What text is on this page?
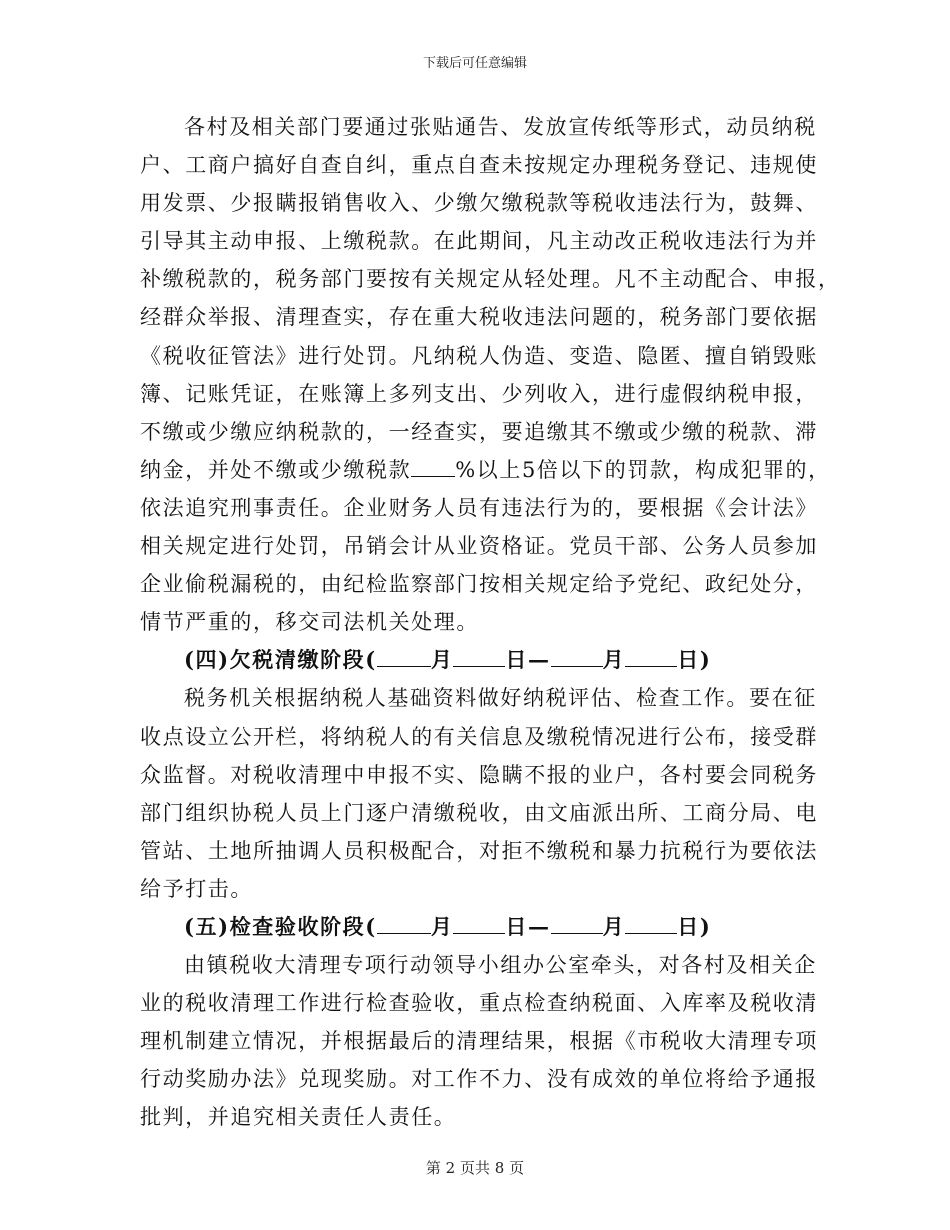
下载后可任意编辑
各村及相关部门要通过张贴通告、发放宣传纸等形式，动员纳税
户、工商户搞好自查自纠，重点自查未按规定办理税务登记、违规使
用发票、少报瞒报销售收入、少缴欠缴税款等税收违法行为，鼓舞、
引导其主动申报、上缴税款。在此期间，凡主动改正税收违法行为并
补缴税款的，税务部门要按有关规定从轻处理。凡不主动配合、申报，
经群众举报、清理查实，存在重大税收违法问题的，税务部门要依据
《税收征管法》进行处罚。凡纳税人伪造、变造、隐匿、擅自销毁账
簿、记账凭证，在账簿上多列支出、少列收入，进行虚假纳税申报，
不缴或少缴应纳税款的，一经查实，要追缴其不缴或少缴的税款、滞
纳金，并处不缴或少缴税款 %以上5倍以下的罚款，构成犯罪的，
依法追究刑事责任。企业财务人员有违法行为的，要根据《会计法》
相关规定进行处罚，吊销会计从业资格证。党员干部、公务人员参加
企业偷税漏税的，由纪检监察部门按相关规定给予党纪、政纪处分，
情节严重的，移交司法机关处理。
(四)欠税清缴阶段(	月 日— 月 日)
税务机关根据纳税人基础资料做好纳税评估、检查工作。要在征
收点设立公开栏，将纳税人的有关信息及缴税情况进行公布，接受群
众监督。对税收清理中申报不实、隐瞒不报的业户，各村要会同税务
部门组织协税人员上门逐户清缴税收，由文庙派出所、工商分局、电
管站、土地所抽调人员积极配合，对拒不缴税和暴力抗税行为要依法
给予打击。
(五)检查验收阶段(	月 日— 月 日)
由镇税收大清理专项行动领导小组办公室牵头，对各村及相关企
业的税收清理工作进行检查验收，重点检查纳税面、入库率及税收清
理机制建立情况，并根据最后的清理结果，根据《市税收大清理专项
行动奖励办法》兑现奖励。对工作不力、没有成效的单位将给予通报
批判，并追究相关责任人责任。
第 2 页共 8 页
